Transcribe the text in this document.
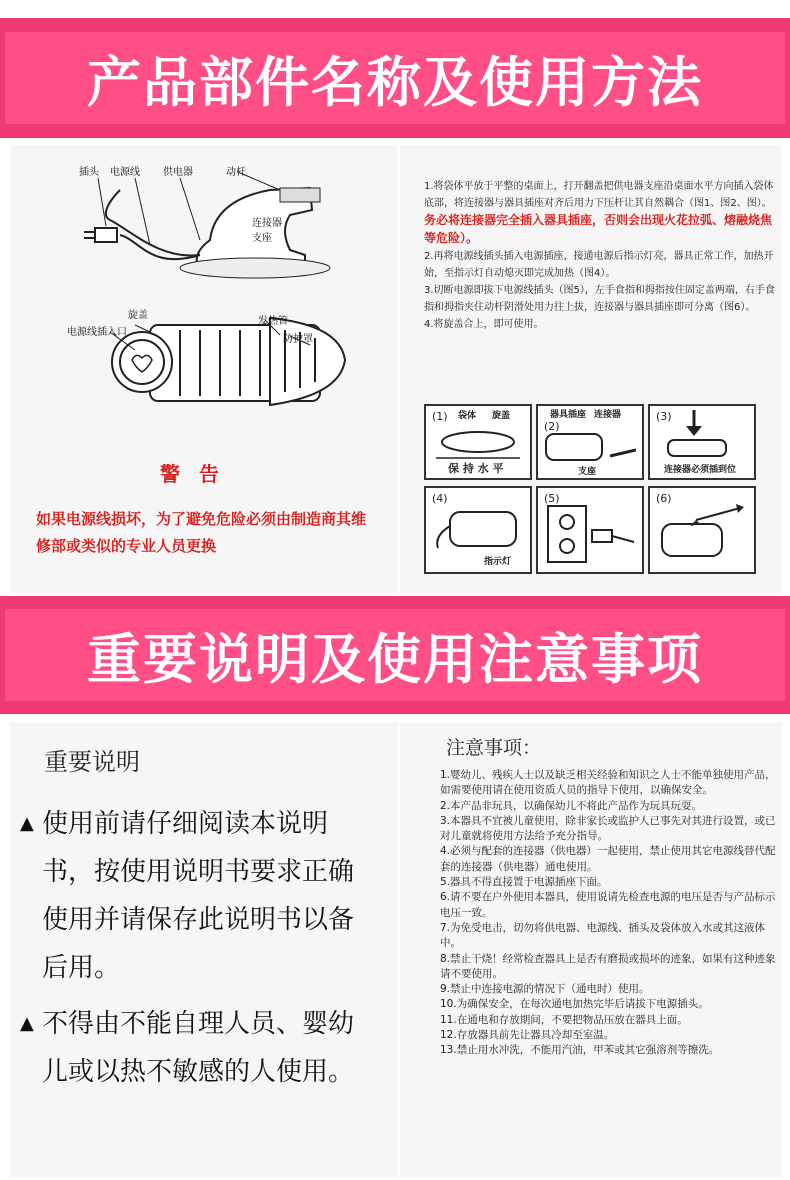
产品部件名称及使用方法
插头 电源线 供电器	动杆
连接器
支座
旋盖
电源线插入口
发热管
防护罩
警 告
如果电源线损坏，为了避免危险必须由制造商其维修部或类似的专业人员更换

1.将袋体平放于平整的桌面上，打开翻盖把供电器支座沿桌面水平方向插入袋体底部，将连接器与器具插座对齐后用力下压杆让其自然耦合（图1、图2、图）。务必将连接器完全插入器具插座，否则会出现火花拉弧、熔融烧焦等危险）。

2.再将电源线插头插入电源插座，接通电源后指示灯亮，器具正常工作，加热开始，至指示灯自动熄灭即完成加热（图4）。

3.切断电源即拔下电源线插头（图5），左手食指和拇指按住固定盖两端，右手食指和拇指夹住动杆阴滑处用力往上拔，连接器与器具插座即可分离（图6）。

4.将旋盖合上，即可使用。

(1) 袋体 旋盖
保 持 水 平
(2)
器具插座 连接器
支座
(3)
连接器必须插到位
(4)
指示灯
(5)	(6)
重要说明及使用注意事项
重要说明
▲ 使用前请仔细阅读本说明书，按使用说明书要求正确使用并请保存此说明书以备后用。
▲ 不得由不能自理人员、婴幼儿或以热不敏感的人使用。
注意事项：
1.婴幼儿、残疾人士以及缺乏相关经验和知识之人士不能单独使用产品，如需要使用请在使用资质人员的指导下使用，以确保安全。
2.本产品非玩具，以确保幼儿不将此产品作为玩具玩耍。
3.本器具不宜被儿童使用，除非家长或监护人已事先对其进行设置，或已对儿童就将使用方法给予充分指导。
4.必须与配套的连接器（供电器）一起使用，禁止使用其它电源线替代配套的连接器（供电器）通电使用。
5.器具不得直接置于电源插座下面。
6.请不要在户外使用本器具，使用说请先检查电源的电压是否与产品标示电压一致。
7.为免受电击，切勿将供电器、电源线、插头及袋体放入水或其这液体中。
8.禁止干烧！经常检查器具上是否有磨损或损坏的迹象，如果有这种迹象请不要使用。
9.禁止中连接电源的情况下（通电时）使用。
10.为确保安全，在每次通电加热完毕后请拔下电源插头。
11.在通电和存放期间，不要把物品压放在器具上面。
12.存放器具前先让器具冷却至室温。
13.禁止用水冲洗，不能用汽油，甲苯或其它强溶剂等擦洗。
